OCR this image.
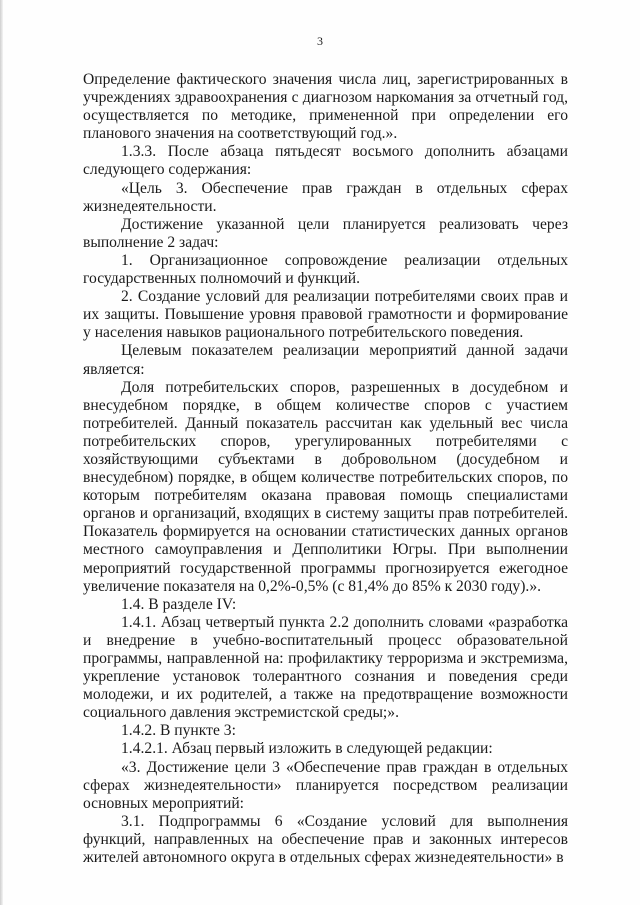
3

Определение фактического значения числа лиц, зарегистрированных в учреждениях здравоохранения с диагнозом наркомания за отчетный год, осуществляется по методике, примененной при определении его планового значения на соответствующий год.».

1.3.3. После абзаца пятьдесят восьмого дополнить абзацами следующего содержания:

«Цель 3. Обеспечение прав граждан в отдельных сферах жизнедеятельности.

Достижение указанной цели планируется реализовать через выполнение 2 задач:

1. Организационное сопровождение реализации отдельных государственных полномочий и функций.

2. Создание условий для реализации потребителями своих прав и их защиты. Повышение уровня правовой грамотности и формирование у населения навыков рационального потребительского поведения.

Целевым показателем реализации мероприятий данной задачи является:

Доля потребительских споров, разрешенных в досудебном и внесудебном порядке, в общем количестве споров с участием потребителей. Данный показатель рассчитан как удельный вес числа потребительских споров, урегулированных потребителями с хозяйствующими субъектами в добровольном (досудебном и внесудебном) порядке, в общем количестве потребительских споров, по которым потребителям оказана правовая помощь специалистами органов и организаций, входящих в систему защиты прав потребителей. Показатель формируется на основании статистических данных органов местного самоуправления и Депполитики Югры. При выполнении мероприятий государственной программы прогнозируется ежегодное увеличение показателя на 0,2%-0,5% (с 81,4% до 85% к 2030 году).».

1.4. В разделе IV:

1.4.1. Абзац четвертый пункта 2.2 дополнить словами «разработка и внедрение в учебно-воспитательный процесс образовательной программы, направленной на: профилактику терроризма и экстремизма, укрепление установок толерантного сознания и поведения среди молодежи, и их родителей, а также на предотвращение возможности социального давления экстремистской среды;».

1.4.2. В пункте 3:

1.4.2.1. Абзац первый изложить в следующей редакции:

«3. Достижение цели 3 «Обеспечение прав граждан в отдельных сферах жизнедеятельности» планируется посредством реализации основных мероприятий:

3.1. Подпрограммы 6 «Создание условий для выполнения функций, направленных на обеспечение прав и законных интересов жителей автономного округа в отдельных сферах жизнедеятельности» в
